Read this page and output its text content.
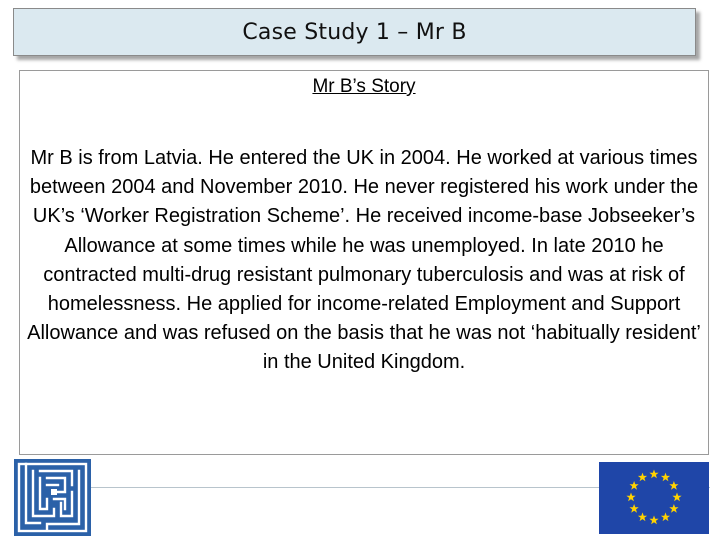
Case Study 1 – Mr B
Mr B’s Story
Mr B is from Latvia. He entered the UK in 2004. He worked at various times between 2004 and November 2010. He never registered his work under the UK’s ‘Worker Registration Scheme’. He received income-base Jobseeker’s Allowance at some times while he was unemployed. In late 2010 he contracted multi-drug resistant pulmonary tuberculosis and was at risk of homelessness. He applied for income-related Employment and Support Allowance and was refused on the basis that he was not ‘habitually resident’ in the United Kingdom.
